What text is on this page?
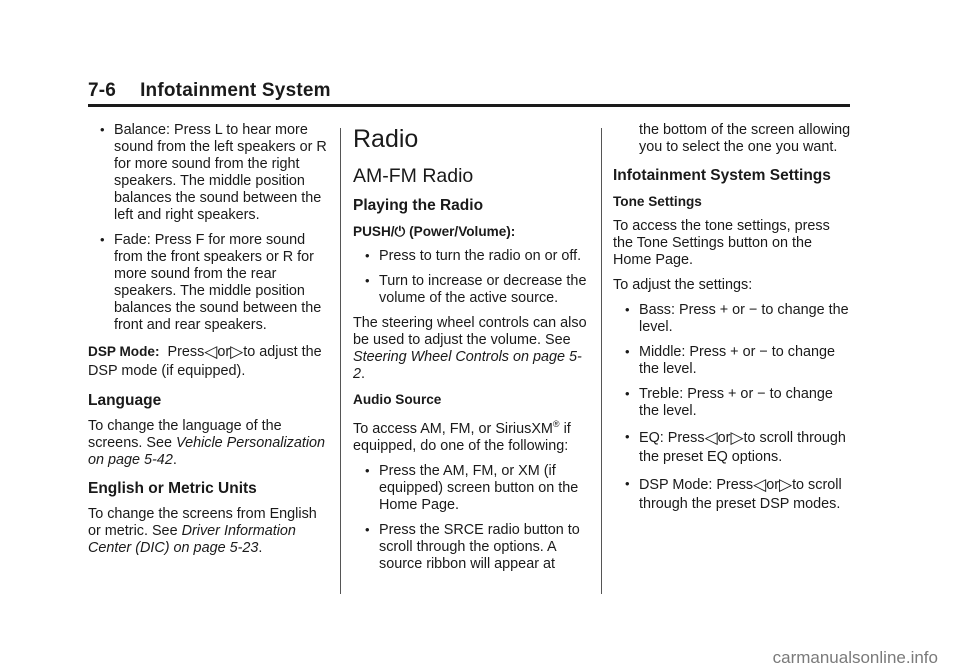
7-6 Infotainment System
• Balance: Press L to hear more sound from the left speakers or R for more sound from the right speakers. The middle position balances the sound between the left and right speakers.
• Fade: Press F for more sound from the front speakers or R for more sound from the rear speakers. The middle position balances the sound between the front and rear speakers.
DSP Mode: Press◁or▷to adjust the DSP mode (if equipped).
Language
To change the language of the screens. See Vehicle Personalization on page 5-42.
English or Metric Units
To change the screens from English or metric. See Driver Information Center (DIC) on page 5-23.
Radio
AM-FM Radio
Playing the Radio
PUSH/⏻ (Power/Volume):
• Press to turn the radio on or off.
• Turn to increase or decrease the volume of the active source.
The steering wheel controls can also be used to adjust the volume. See Steering Wheel Controls on page 5-2.
Audio Source
To access AM, FM, or SiriusXM® if equipped, do one of the following:
• Press the AM, FM, or XM (if equipped) screen button on the Home Page.
• Press the SRCE radio button to scroll through the options. A source ribbon will appear at
the bottom of the screen allowing you to select the one you want.
Infotainment System Settings
Tone Settings
To access the tone settings, press the Tone Settings button on the Home Page.
To adjust the settings:
• Bass: Press + or − to change the level.
• Middle: Press + or − to change the level.
• Treble: Press + or − to change the level.
• EQ: Press◁or▷to scroll through the preset EQ options.
• DSP Mode: Press◁or▷to scroll through the preset DSP modes.
carmanualsonline.info
